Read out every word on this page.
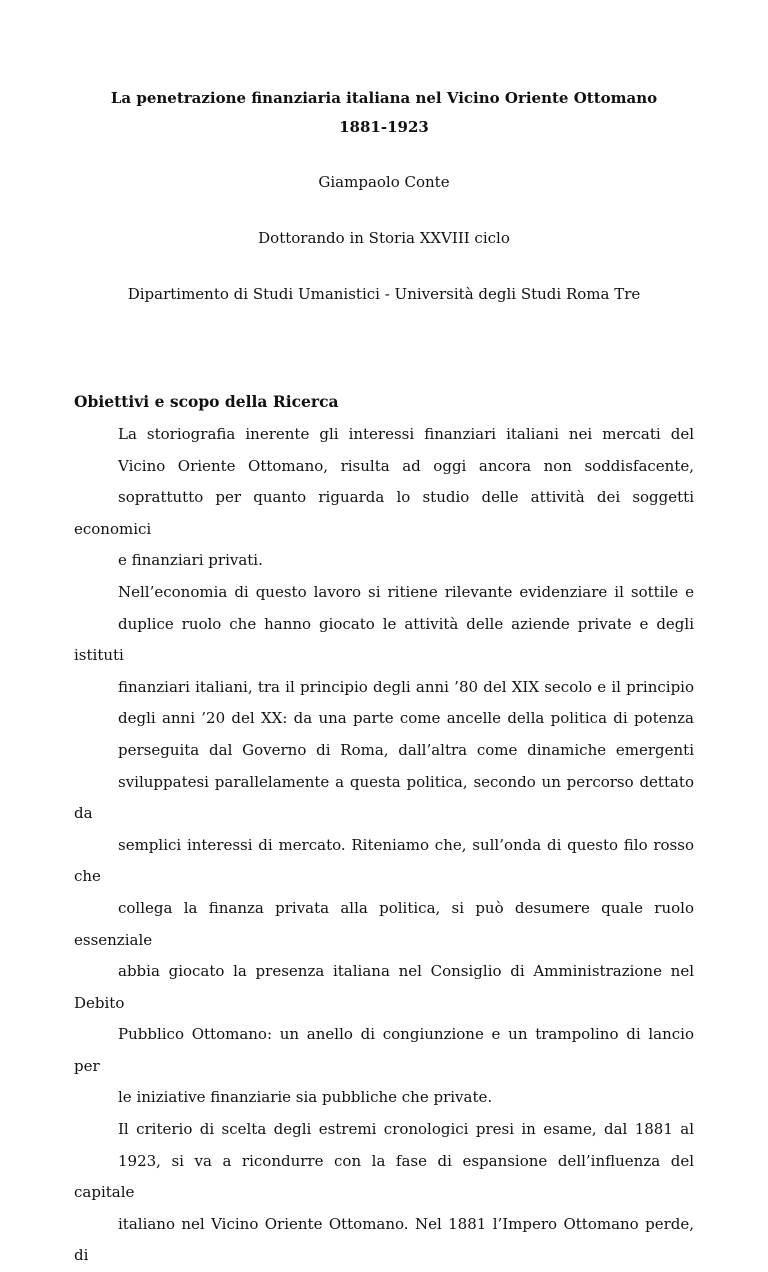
La penetrazione finanziaria italiana nel Vicino Oriente Ottomano
1881-1923
Giampaolo Conte
Dottorando in Storia XXVIII ciclo
Dipartimento di Studi Umanistici - Università degli Studi Roma Tre
Obiettivi e scopo della Ricerca

La storiografia inerente gli interessi finanziari italiani nei mercati del
Vicino Oriente Ottomano, risulta ad oggi ancora non soddisfacente,
soprattutto per quanto riguarda lo studio delle attività dei soggetti economici
e finanziari privati.

Nell’economia di questo lavoro si ritiene rilevante evidenziare il sottile e
duplice ruolo che hanno giocato le attività delle aziende private e degli istituti
finanziari italiani, tra il principio degli anni ’80 del XIX secolo e il principio
degli anni ’20 del XX: da una parte come ancelle della politica di potenza
perseguita dal Governo di Roma, dall’altra come dinamiche emergenti
sviluppatesi parallelamente a questa politica, secondo un percorso dettato da
semplici interessi di mercato. Riteniamo che, sull’onda di questo filo rosso che
collega la finanza privata alla politica, si può desumere quale ruolo essenziale
abbia giocato la presenza italiana nel Consiglio di Amministrazione nel Debito
Pubblico Ottomano: un anello di congiunzione e un trampolino di lancio per
le iniziative finanziarie sia pubbliche che private.

Il criterio di scelta degli estremi cronologici presi in esame, dal 1881 al
1923, si va a ricondurre con la fase di espansione dell’influenza del capitale
italiano nel Vicino Oriente Ottomano. Nel 1881 l’Impero Ottomano perde, di
